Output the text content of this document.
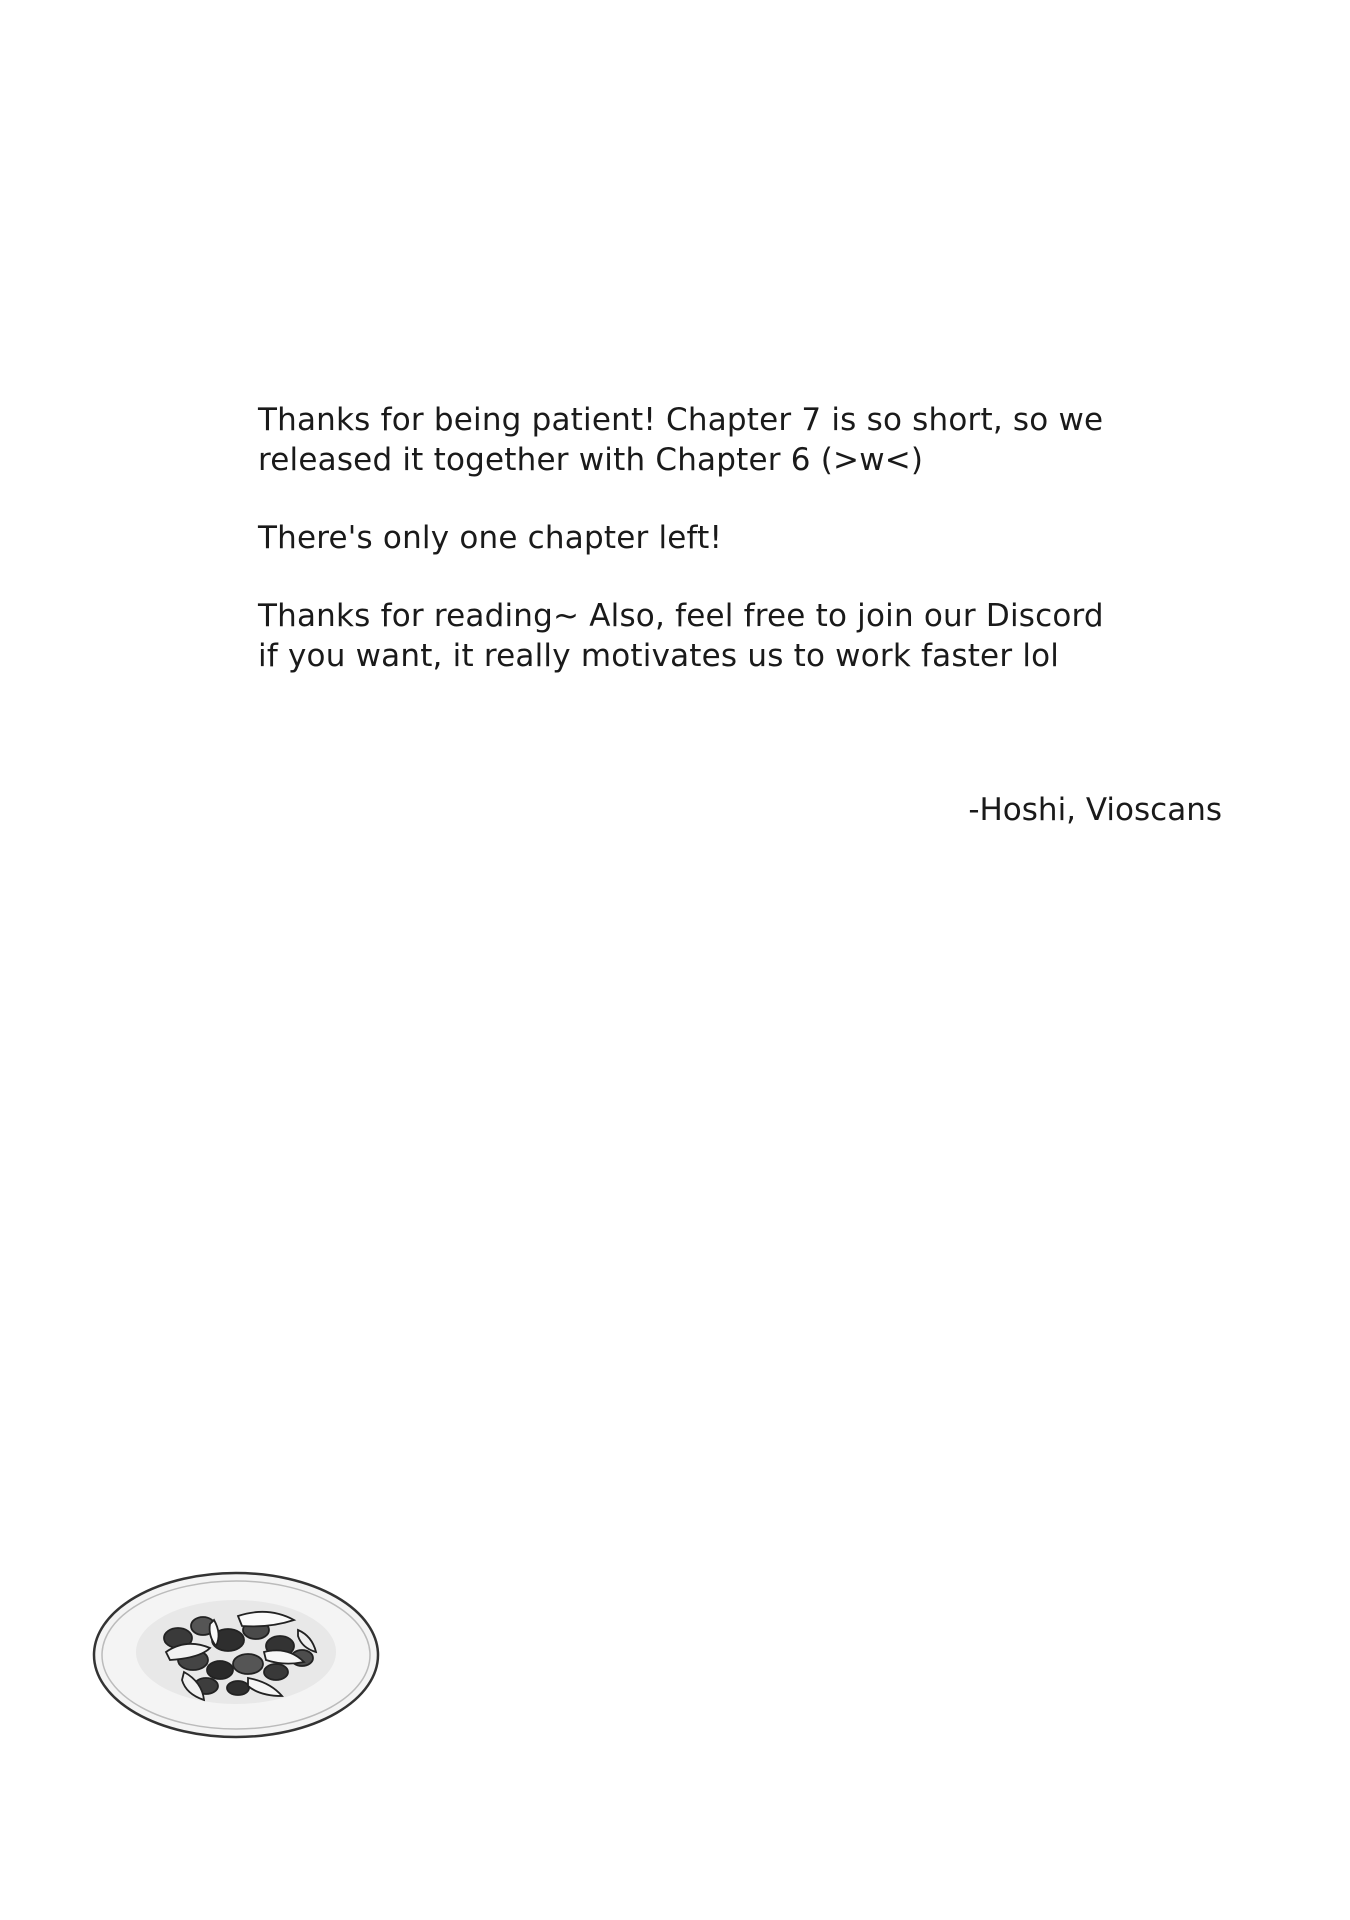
Thanks for being patient! Chapter 7 is so short, so we
released it together with Chapter 6 (>w<)

There's only one chapter left!

Thanks for reading~ Also, feel free to join our Discord
if you want, it really motivates us to work faster lol

-Hoshi, Vioscans
